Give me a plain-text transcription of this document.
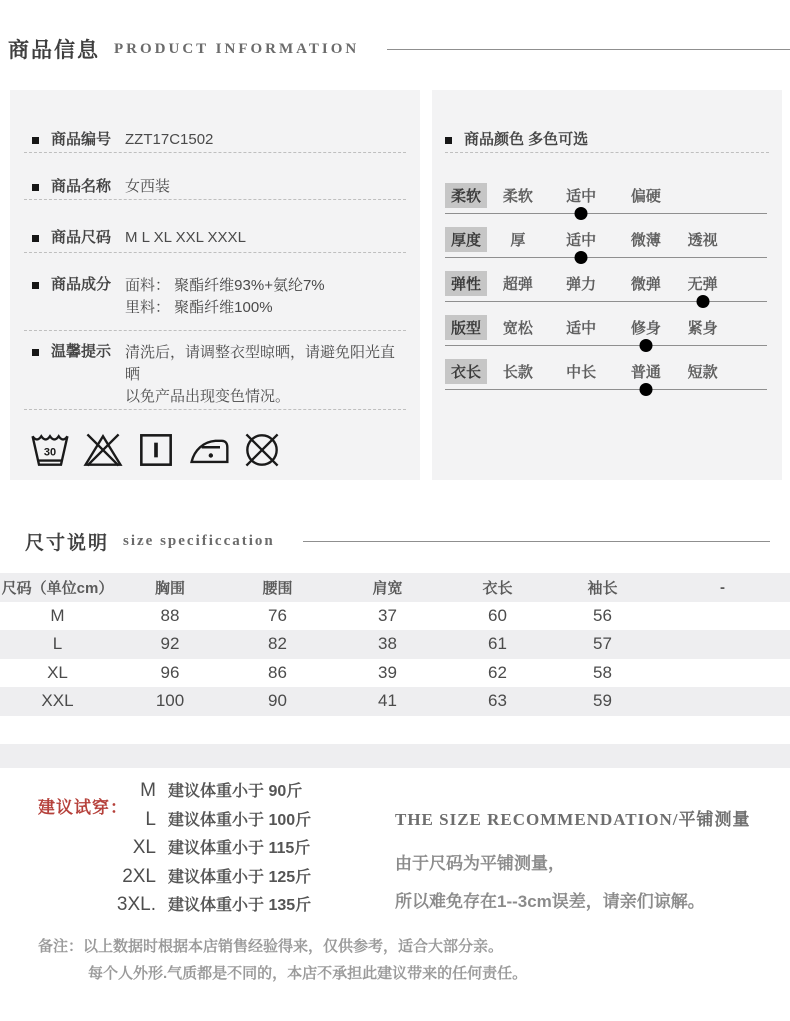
商品信息 PRODUCT INFORMATION
商品编号 ZZT17C1502
商品名称 女西装
商品尺码 M L XL XXL XXXL
商品成分 面料： 聚酯纤维93%+氨纶7%
里料： 聚酯纤维100%
温馨提示 清洗后，请调整衣型晾晒，请避免阳光直晒
以免产品出现变色情况。
30
商品颜色 多色可选
柔软	柔软 适中 偏硬
厚度	厚	适中 微薄 透视
弹性	超弹 弹力 微弹 无弹
版型	宽松 适中 修身 紧身
衣长	长款 中长 普通 短款
尺寸说明 size specificcation
尺码（单位cm）	胸围	腰围	肩宽	衣长	袖长	-
M	88	76	37	60	56	
L	92	82	38	61	57	
XL	96	86	39	62	58	
XXL	100	90	41	63	59	
建议试穿：
M 建议体重小于 90斤
L 建议体重小于 100斤
XL 建议体重小于 115斤
2XL 建议体重小于 125斤
3XL. 建议体重小于 135斤
THE SIZE RECOMMENDATION/平铺测量
由于尺码为平铺测量，
所以难免存在1--3cm误差，请亲们谅解。
备注：以上数据时根据本店销售经验得来，仅供参考，适合大部分亲。
每个人外形.气质都是不同的，本店不承担此建议带来的任何责任。
